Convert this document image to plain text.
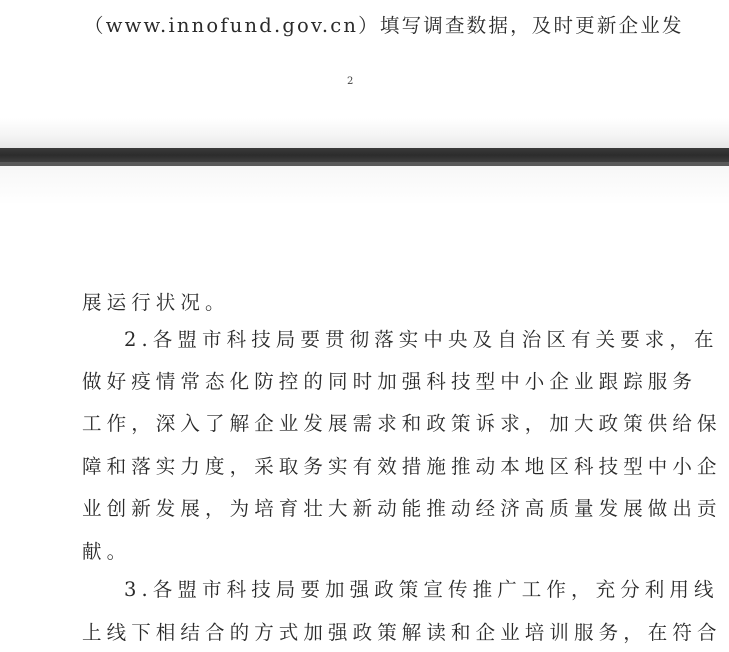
（www.innofund.gov.cn）填写调查数据，及时更新企业发
2
展运行状况。
2.各盟市科技局要贯彻落实中央及自治区有关要求，在
做好疫情常态化防控的同时加强科技型中小企业跟踪服务
工作，深入了解企业发展需求和政策诉求，加大政策供给保
障和落实力度，采取务实有效措施推动本地区科技型中小企
业创新发展，为培育壮大新动能推动经济高质量发展做出贡
献。
3.各盟市科技局要加强政策宣传推广工作，充分利用线
上线下相结合的方式加强政策解读和企业培训服务，在符合
